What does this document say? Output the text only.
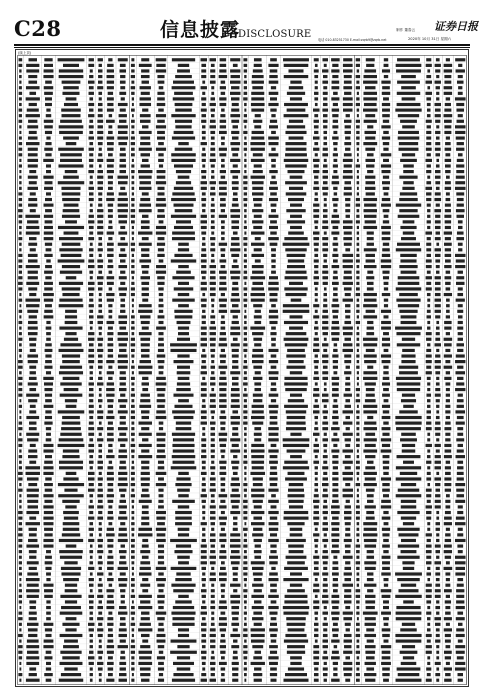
C28	信息披露
DISCLOSURE
证券日报
制作 董春云
电话 010-83251730 E-mail:zqrb9@zqrb.net	2020年 10月 31日 星期六
(续上页)
